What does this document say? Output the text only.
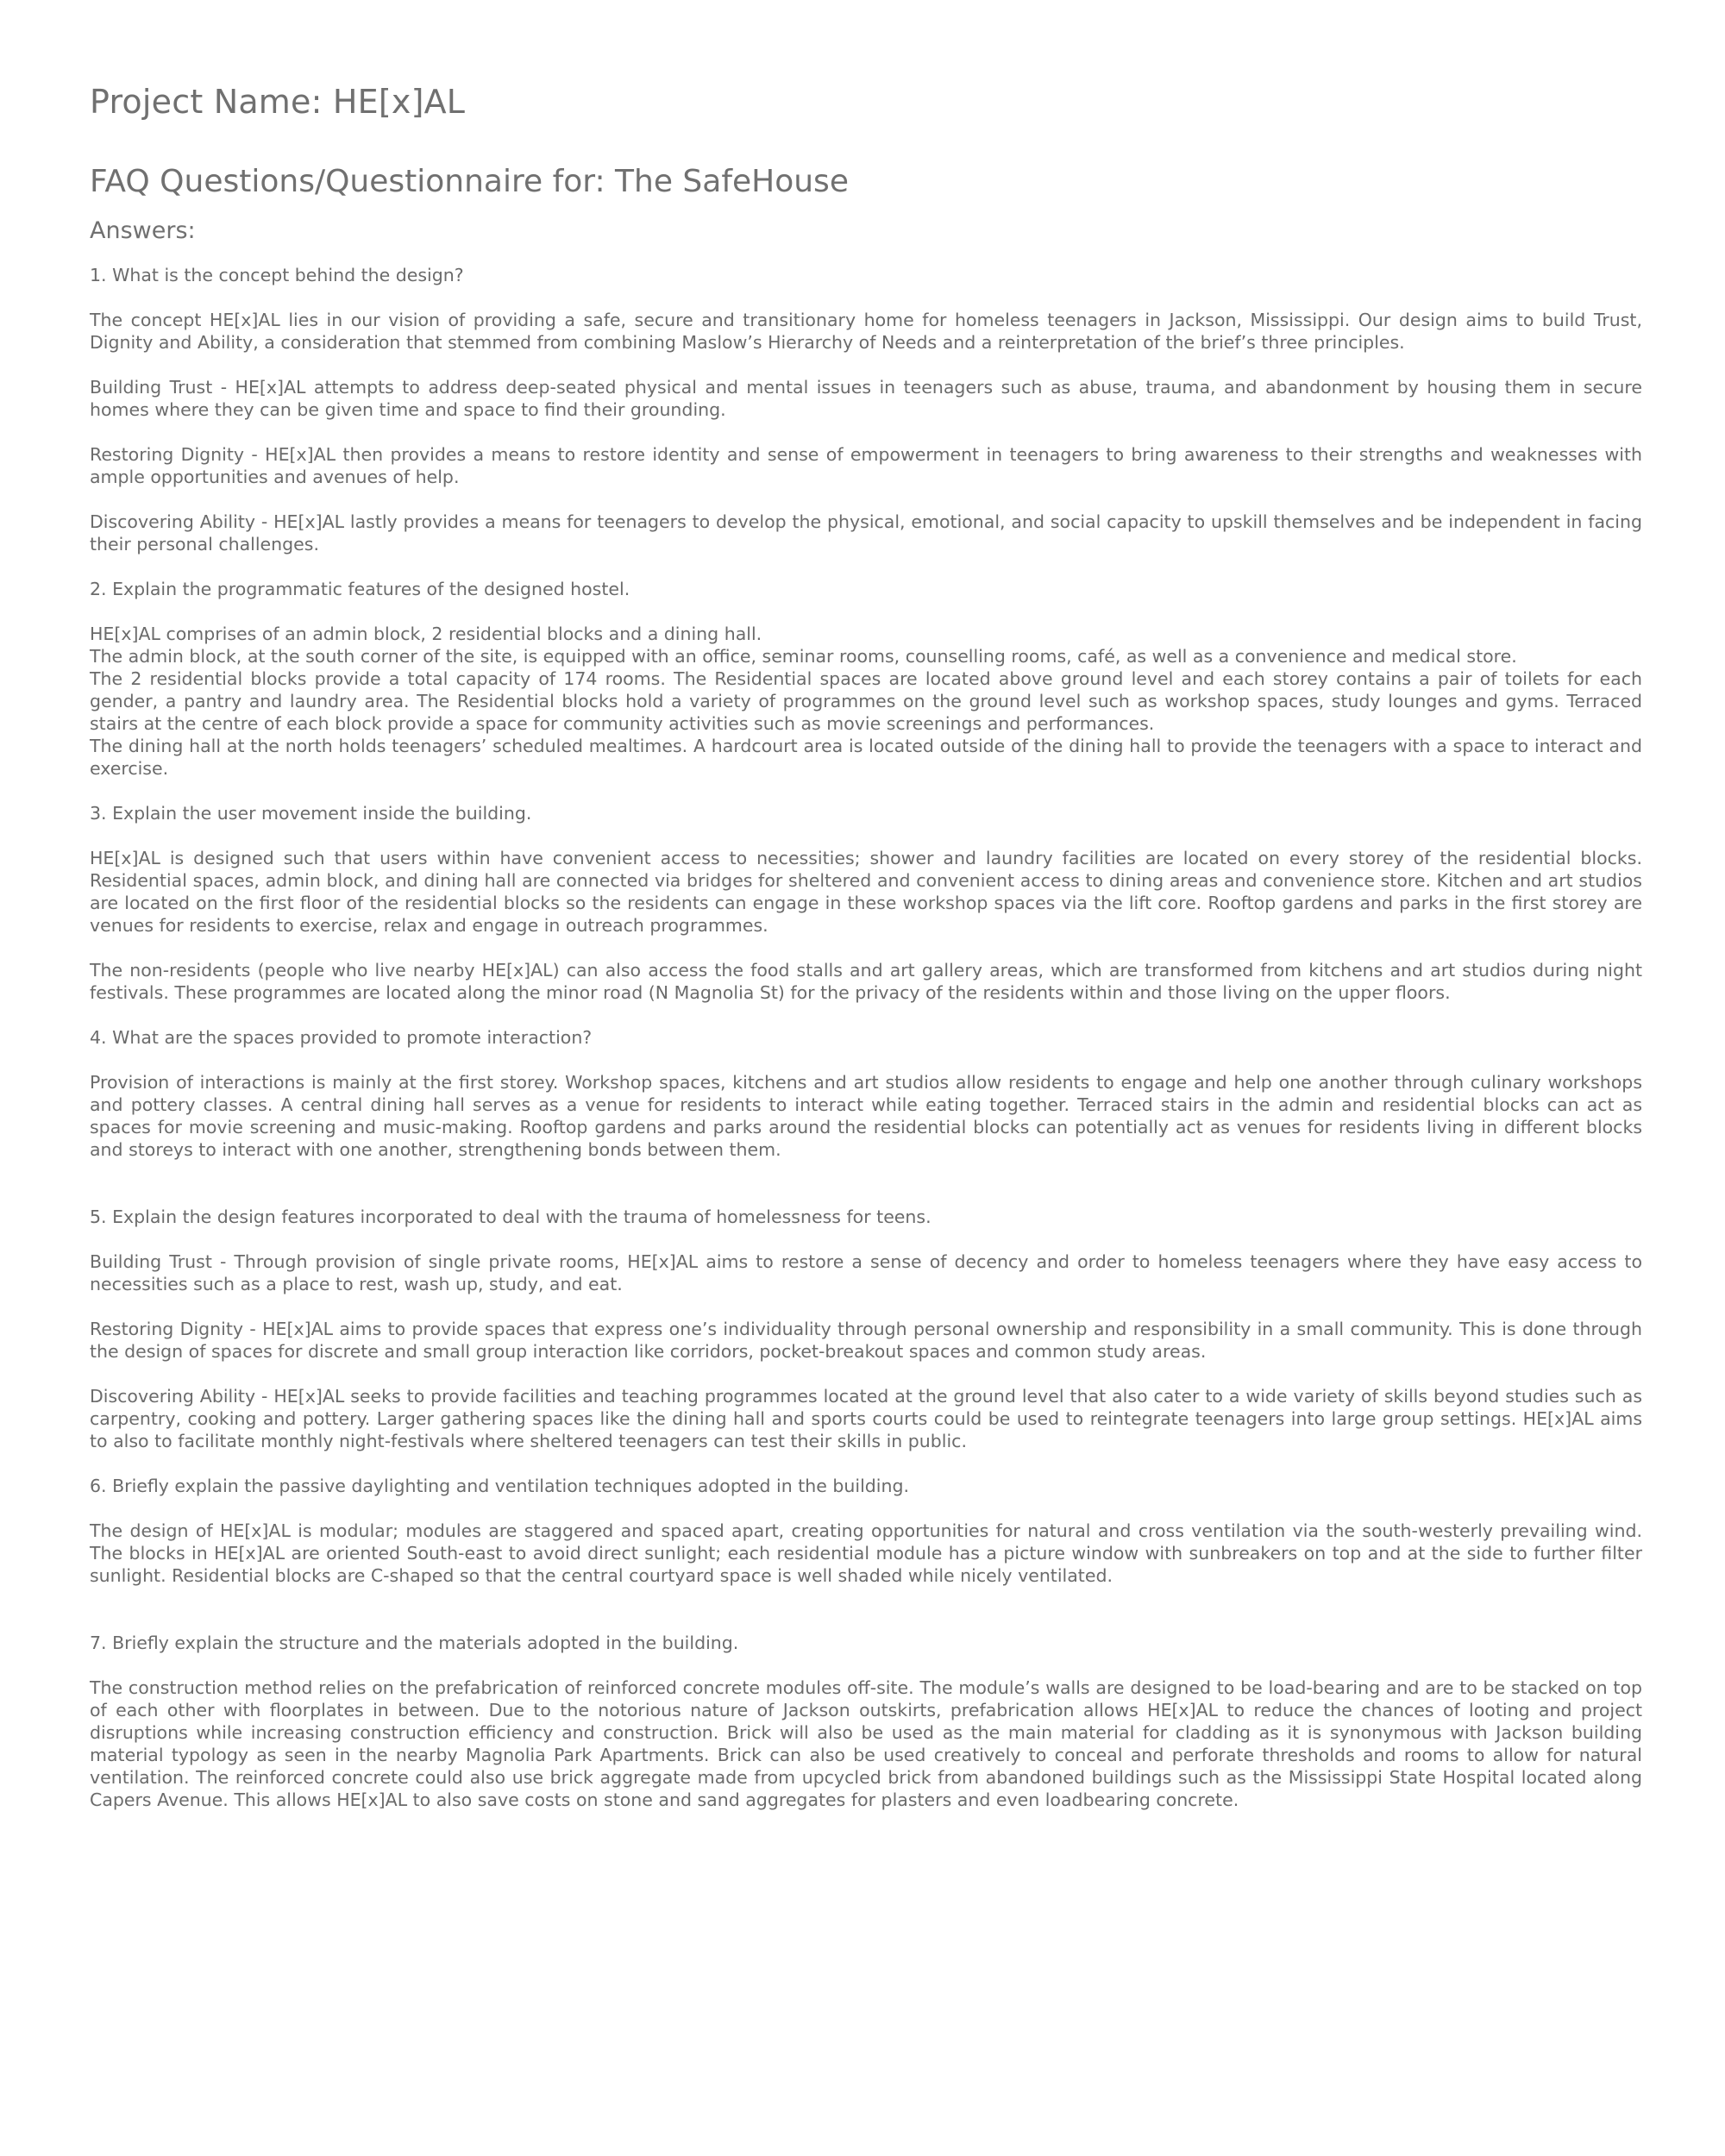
Project Name: HE[x]AL
FAQ Questions/Questionnaire for: The SafeHouse
Answers:
1. What is the concept behind the design?

The concept HE[x]AL lies in our vision of providing a safe, secure and transitionary home for homeless teenagers in Jackson, Mississippi. Our design aims to build Trust, Dignity and Ability, a consideration that stemmed from combining Maslow’s Hierarchy of Needs and a reinterpretation of the brief’s three principles.

Building Trust - HE[x]AL attempts to address deep-seated physical and mental issues in teenagers such as abuse, trauma, and abandonment by housing them in secure homes where they can be given time and space to find their grounding.

Restoring Dignity - HE[x]AL then provides a means to restore identity and sense of empowerment in teenagers to bring awareness to their strengths and weaknesses with ample opportunities and avenues of help.

Discovering Ability - HE[x]AL lastly provides a means for teenagers to develop the physical, emotional, and social capacity to upskill themselves and be independent in facing their personal challenges.

2. Explain the programmatic features of the designed hostel.

HE[x]AL comprises of an admin block, 2 residential blocks and a dining hall.

The admin block, at the south corner of the site, is equipped with an office, seminar rooms, counselling rooms, café, as well as a convenience and medical store.

The 2 residential blocks provide a total capacity of 174 rooms. The Residential spaces are located above ground level and each storey contains a pair of toilets for each gender, a pantry and laundry area. The Residential blocks hold a variety of programmes on the ground level such as workshop spaces, study lounges and gyms. Terraced stairs at the centre of each block provide a space for community activities such as movie screenings and performances.

The dining hall at the north holds teenagers’ scheduled mealtimes. A hardcourt area is located outside of the dining hall to provide the teenagers with a space to interact and exercise.

3. Explain the user movement inside the building.

HE[x]AL is designed such that users within have convenient access to necessities; shower and laundry facilities are located on every storey of the residential blocks. Residential spaces, admin block, and dining hall are connected via bridges for sheltered and convenient access to dining areas and convenience store. Kitchen and art studios are located on the first floor of the residential blocks so the residents can engage in these workshop spaces via the lift core. Rooftop gardens and parks in the first storey are venues for residents to exercise, relax and engage in outreach programmes.

The non-residents (people who live nearby HE[x]AL) can also access the food stalls and art gallery areas, which are transformed from kitchens and art studios during night festivals. These programmes are located along the minor road (N Magnolia St) for the privacy of the residents within and those living on the upper floors.

4. What are the spaces provided to promote interaction?

Provision of interactions is mainly at the first storey. Workshop spaces, kitchens and art studios allow residents to engage and help one another through culinary workshops and pottery classes. A central dining hall serves as a venue for residents to interact while eating together. Terraced stairs in the admin and residential blocks can act as spaces for movie screening and music-making. Rooftop gardens and parks around the residential blocks can potentially act as venues for residents living in different blocks and storeys to interact with one another, strengthening bonds between them.

5. Explain the design features incorporated to deal with the trauma of homelessness for teens.

Building Trust - Through provision of single private rooms, HE[x]AL aims to restore a sense of decency and order to homeless teenagers where they have easy access to necessities such as a place to rest, wash up, study, and eat.

Restoring Dignity - HE[x]AL aims to provide spaces that express one’s individuality through personal ownership and responsibility in a small community. This is done through the design of spaces for discrete and small group interaction like corridors, pocket-breakout spaces and common study areas.

Discovering Ability - HE[x]AL seeks to provide facilities and teaching programmes located at the ground level that also cater to a wide variety of skills beyond studies such as carpentry, cooking and pottery. Larger gathering spaces like the dining hall and sports courts could be used to reintegrate teenagers into large group settings. HE[x]AL aims to also to facilitate monthly night-festivals where sheltered teenagers can test their skills in public.

6. Briefly explain the passive daylighting and ventilation techniques adopted in the building.

The design of HE[x]AL is modular; modules are staggered and spaced apart, creating opportunities for natural and cross ventilation via the south-westerly prevailing wind. The blocks in HE[x]AL are oriented South-east to avoid direct sunlight; each residential module has a picture window with sunbreakers on top and at the side to further filter sunlight. Residential blocks are C-shaped so that the central courtyard space is well shaded while nicely ventilated.

7. Briefly explain the structure and the materials adopted in the building.

The construction method relies on the prefabrication of reinforced concrete modules off-site. The module’s walls are designed to be load-bearing and are to be stacked on top of each other with floorplates in between. Due to the notorious nature of Jackson outskirts, prefabrication allows HE[x]AL to reduce the chances of looting and project disruptions while increasing construction efficiency and construction. Brick will also be used as the main material for cladding as it is synonymous with Jackson building material typology as seen in the nearby Magnolia Park Apartments. Brick can also be used creatively to conceal and perforate thresholds and rooms to allow for natural ventilation. The reinforced concrete could also use brick aggregate made from upcycled brick from abandoned buildings such as the Mississippi State Hospital located along Capers Avenue. This allows HE[x]AL to also save costs on stone and sand aggregates for plasters and even loadbearing concrete.
